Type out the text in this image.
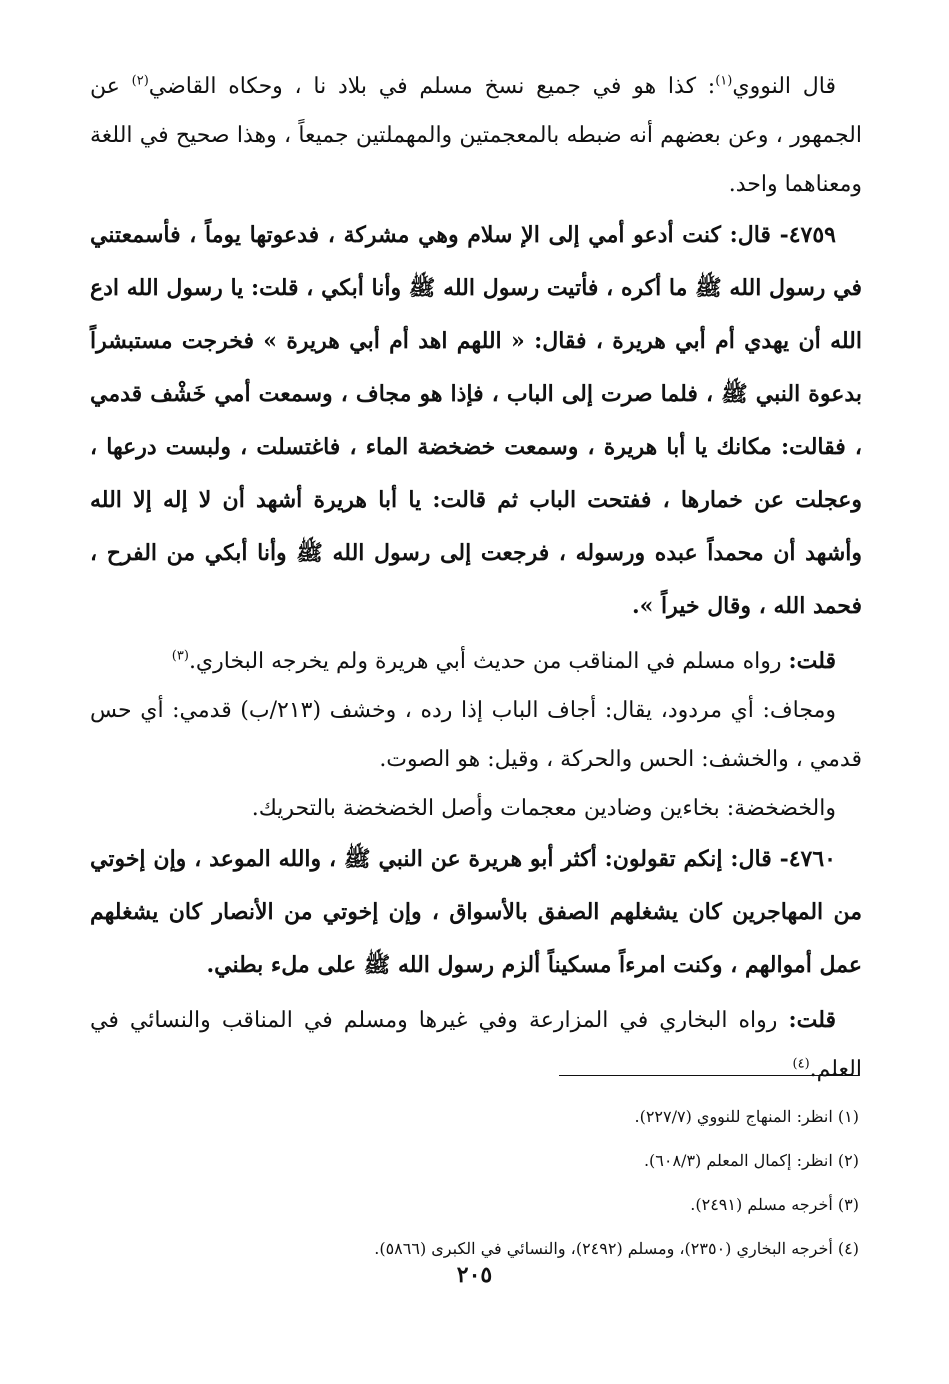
قال النووي$^{(١)}$: كذا هو في جميع نسخ مسلم في بلاد نا ، وحكاه القاضي$^{(٢)}$ عن الجمهور ، وعن بعضهم أنه ضبطه بالمعجمتين والمهملتين جميعاً ، وهذا صحيح في اللغة ومعناهما واحد.

٤٧٥٩- قال: كنت أدعو أمي إلى الإ سلام وهي مشركة ، فدعوتها يوماً ، فأسمعتني في رسول الله ﷺ ما أكره ، فأتيت رسول الله ﷺ وأنا أبكي ، قلت: يا رسول الله ادع الله أن يهدي أم أبي هريرة ، فقال: « اللهم اهد أم أبي هريرة » فخرجت مستبشراً بدعوة النبي ﷺ ، فلما صرت إلى الباب ، فإذا هو مجاف ، وسمعت أمي خَشْف قدمي ، فقالت: مكانك يا أبا هريرة ، وسمعت خضخضة الماء ، فاغتسلت ، ولبست درعها ، وعجلت عن خمارها ، ففتحت الباب ثم قالت: يا أبا هريرة أشهد أن لا إله إلا الله وأشهد أن محمداً عبده ورسوله ، فرجعت إلى رسول الله ﷺ وأنا أبكي من الفرح ، فحمد الله ، وقال خيراً ».

قلت: رواه مسلم في المناقب من حديث أبي هريرة ولم يخرجه البخاري.$^{(٣)}$

ومجاف: أي مردود، يقال: أجاف الباب إذا رده ، وخشف (٢١٣/ب) قدمي: أي حس قدمي ، والخشف: الحس والحركة ، وقيل: هو الصوت.

والخضخضة: بخاءين وضادين معجمات وأصل الخضخضة بالتحريك.

٤٧٦٠- قال: إنكم تقولون: أكثر أبو هريرة عن النبي ﷺ ، والله الموعد ، وإن إخوتي من المهاجرين كان يشغلهم الصفق بالأسواق ، وإن إخوتي من الأنصار كان يشغلهم عمل أموالهم ، وكنت امرءاً مسكيناً ألزم رسول الله ﷺ على ملء بطني.

قلت: رواه البخاري في المزارعة وفي غيرها ومسلم في المناقب والنسائي في العلم.$^{(٤)}$

(١) انظر: المنهاج للنووي (٢٢٧/٧).
(٢) انظر: إكمال المعلم (٦٠٨/٣).
(٣) أخرجه مسلم (٢٤٩١).
(٤) أخرجه البخاري (٢٣٥٠)، ومسلم (٢٤٩٢)، والنسائي في الكبرى (٥٨٦٦).
٢٠٥
